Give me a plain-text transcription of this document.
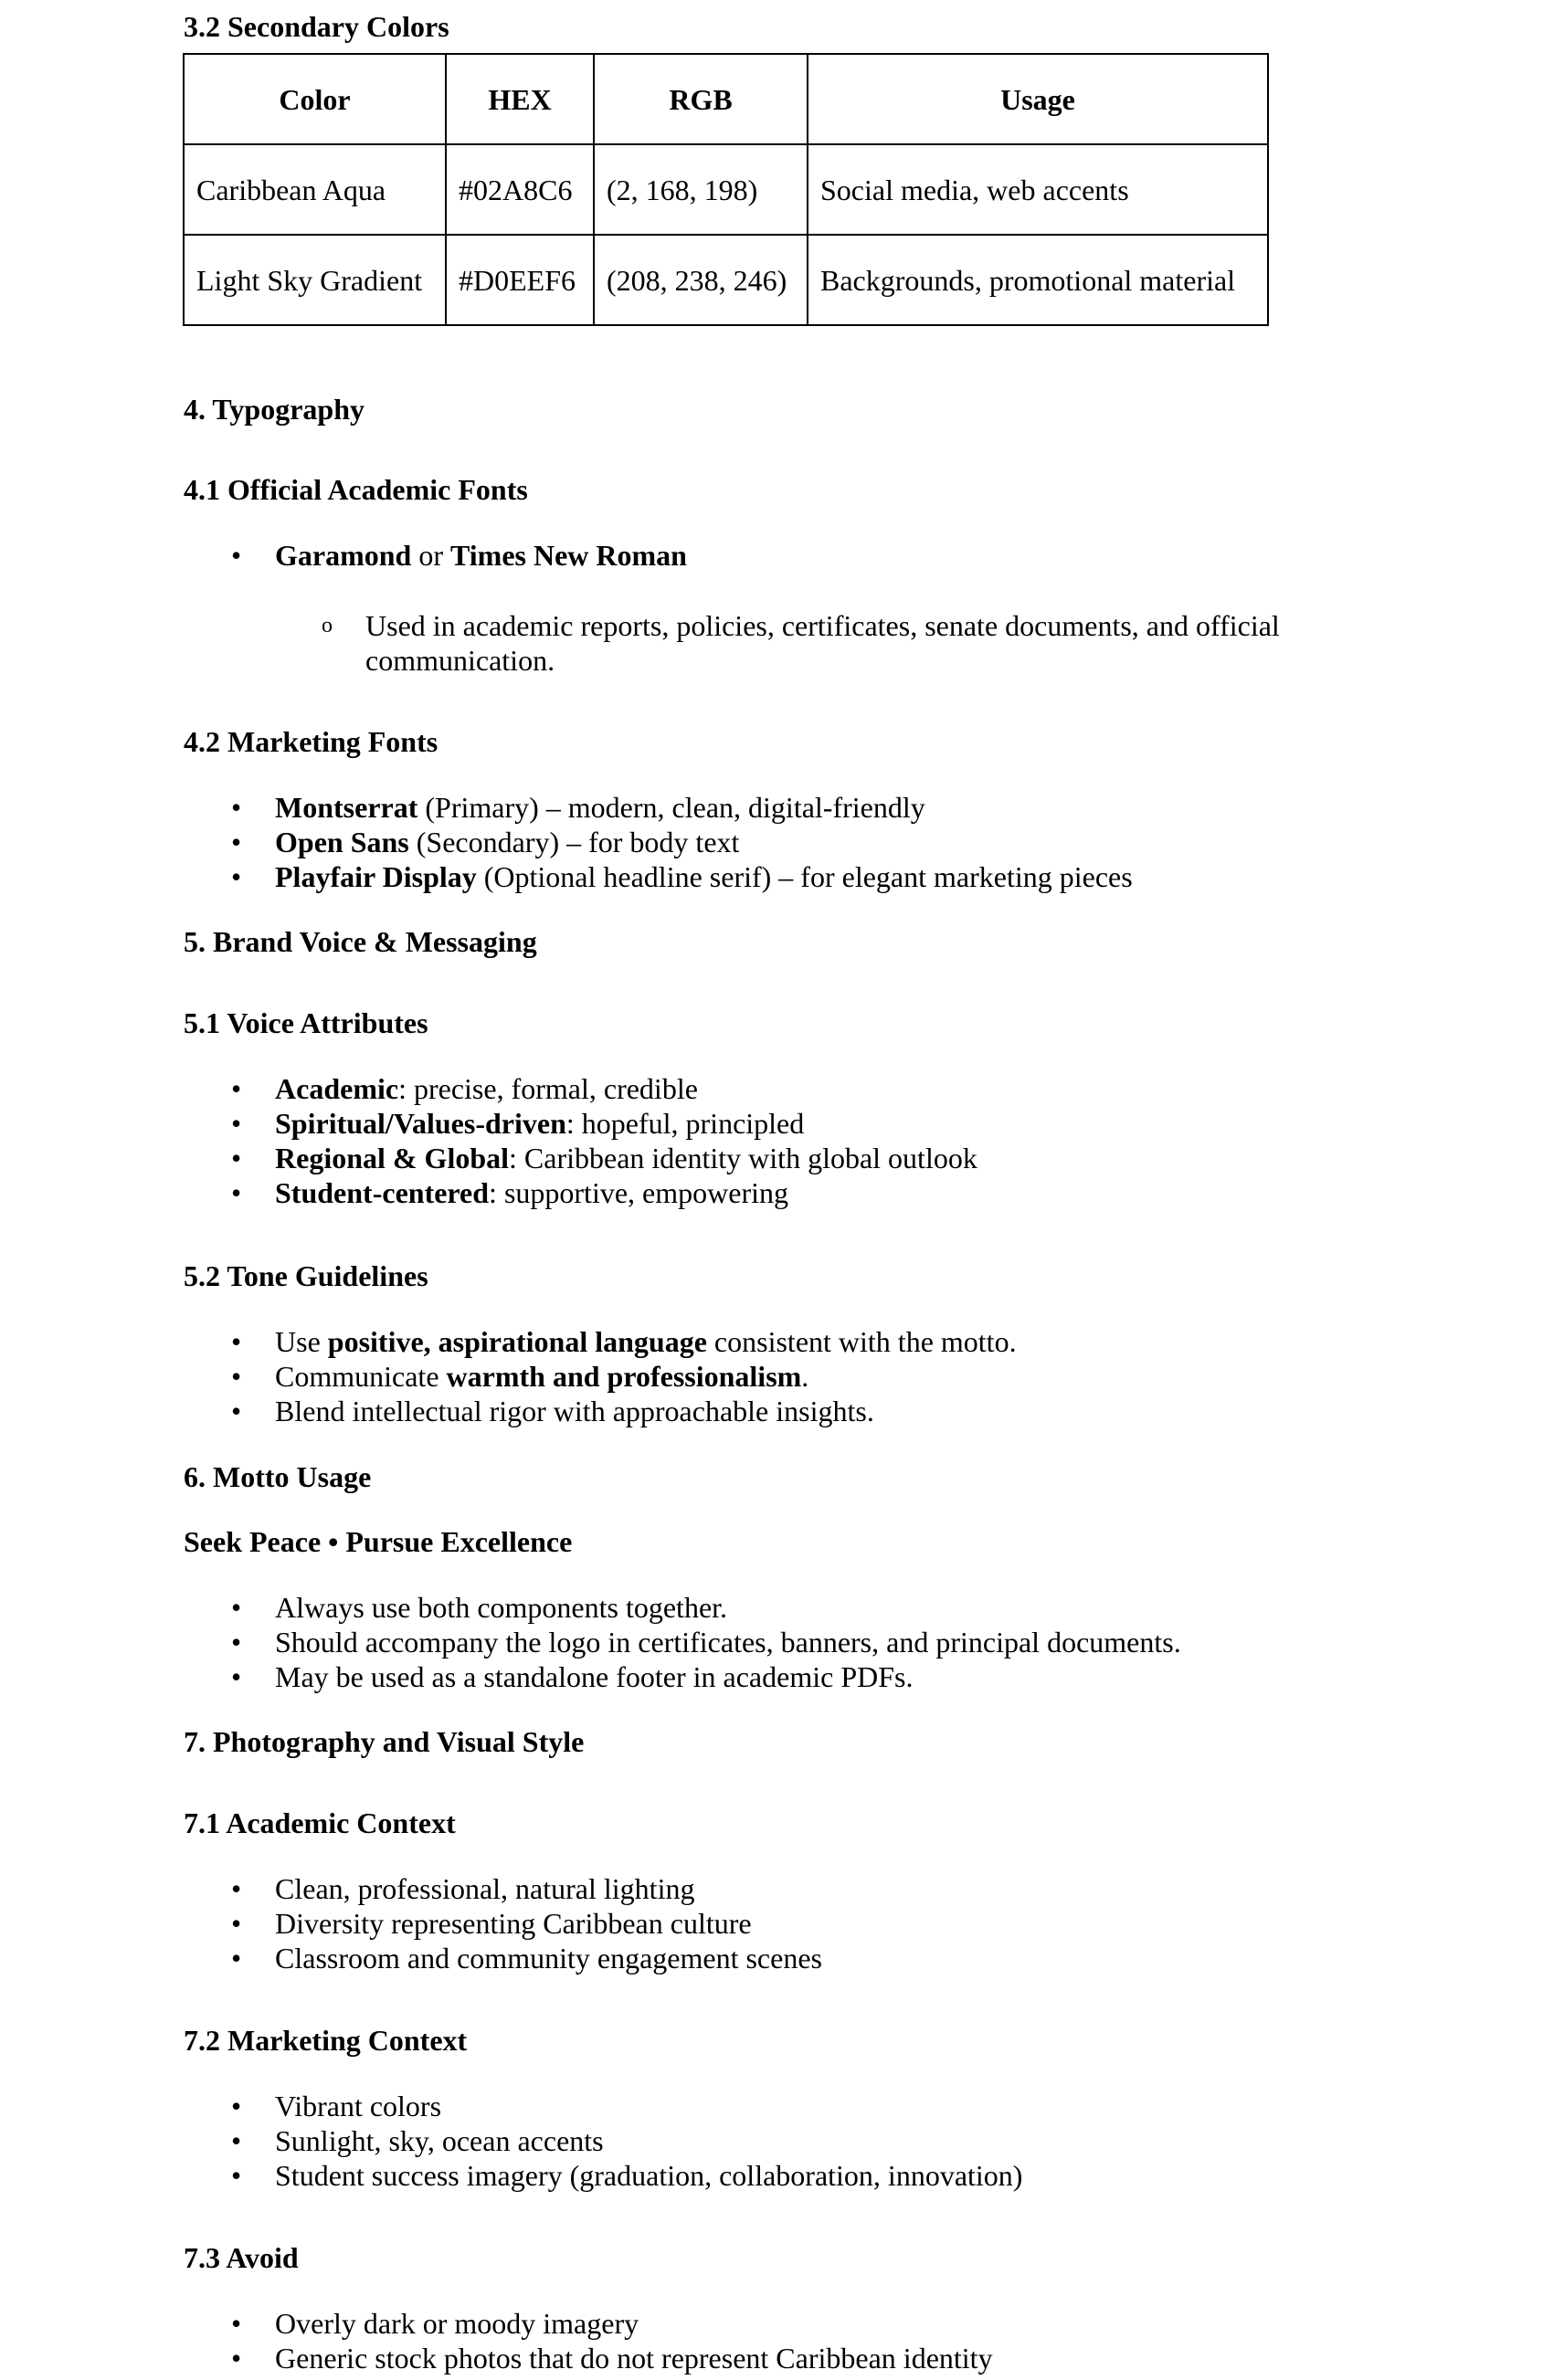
3.2 Secondary Colors
Color	HEX	RGB	Usage
Caribbean Aqua	#02A8C6	(2, 168, 198)	Social media, web accents
Light Sky Gradient	#D0EEF6	(208, 238, 246)	Backgrounds, promotional material
4. Typography
4.1 Official Academic Fonts
• Garamond or Times New Roman
o Used in academic reports, policies, certificates, senate documents, and official communication.
4.2 Marketing Fonts
• Montserrat (Primary) – modern, clean, digital-friendly
• Open Sans (Secondary) – for body text
• Playfair Display (Optional headline serif) – for elegant marketing pieces
5. Brand Voice & Messaging
5.1 Voice Attributes
• Academic: precise, formal, credible
• Spiritual/Values-driven: hopeful, principled
• Regional & Global: Caribbean identity with global outlook
• Student-centered: supportive, empowering
5.2 Tone Guidelines
• Use positive, aspirational language consistent with the motto.
• Communicate warmth and professionalism.
• Blend intellectual rigor with approachable insights.
6. Motto Usage
Seek Peace • Pursue Excellence
• Always use both components together.
• Should accompany the logo in certificates, banners, and principal documents.
• May be used as a standalone footer in academic PDFs.
7. Photography and Visual Style
7.1 Academic Context
• Clean, professional, natural lighting
• Diversity representing Caribbean culture
• Classroom and community engagement scenes
7.2 Marketing Context
• Vibrant colors
• Sunlight, sky, ocean accents
• Student success imagery (graduation, collaboration, innovation)
7.3 Avoid
• Overly dark or moody imagery
• Generic stock photos that do not represent Caribbean identity
